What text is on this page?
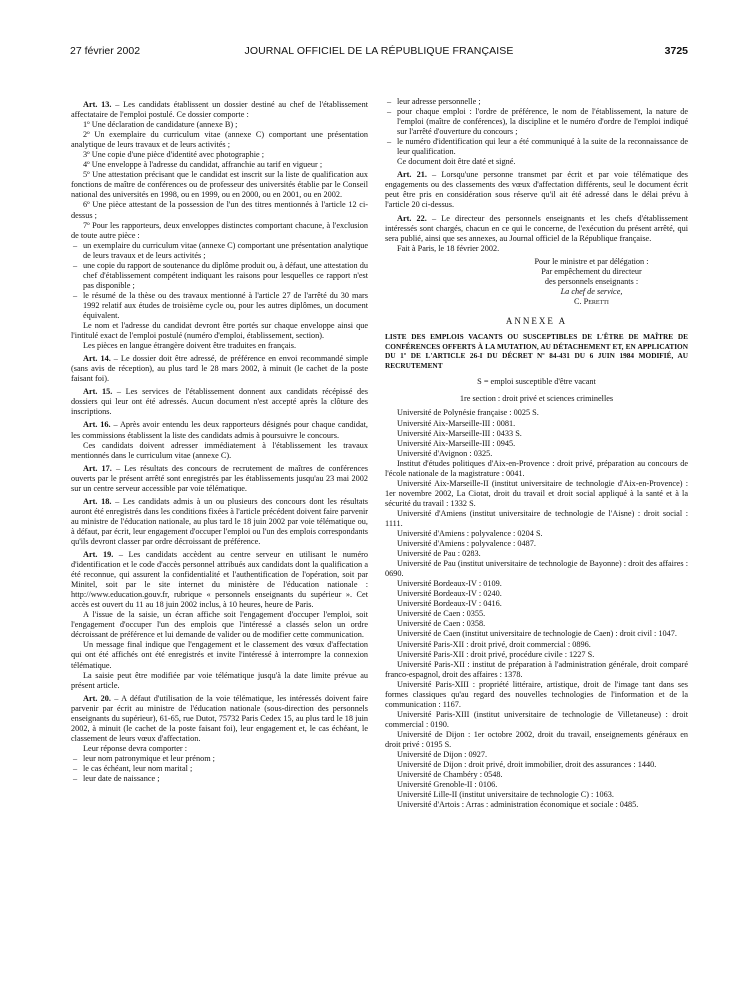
27 février 2002	JOURNAL OFFICIEL DE LA RÉPUBLIQUE FRANÇAISE	3725

Art. 13. – Les candidats établissent un dossier destiné au chef de l'établissement affectataire de l'emploi postulé. Ce dossier comporte :

1º Une déclaration de candidature (annexe B) ;

2º Un exemplaire du curriculum vitae (annexe C) comportant une présentation analytique de leurs travaux et de leurs activités ;

3º Une copie d'une pièce d'identité avec photographie ;

4º Une enveloppe à l'adresse du candidat, affranchie au tarif en vigueur ;

5º Une attestation précisant que le candidat est inscrit sur la liste de qualification aux fonctions de maître de conférences ou de professeur des universités établie par le Conseil national des universités en 1998, ou en 1999, ou en 2000, ou en 2001, ou en 2002.

6º Une pièce attestant de la possession de l'un des titres mentionnés à l'article 12 ci-dessus ;

7º Pour les rapporteurs, deux enveloppes distinctes comportant chacune, à l'exclusion de toute autre pièce :

– un exemplaire du curriculum vitae (annexe C) comportant une présentation analytique de leurs travaux et de leurs activités ;

– une copie du rapport de soutenance du diplôme produit ou, à défaut, une attestation du chef d'établissement compétent indiquant les raisons pour lesquelles ce rapport n'est pas disponible ;

– le résumé de la thèse ou des travaux mentionné à l'article 27 de l'arrêté du 30 mars 1992 relatif aux études de troisième cycle ou, pour les autres diplômes, un document équivalent.

Le nom et l'adresse du candidat devront être portés sur chaque enveloppe ainsi que l'intitulé exact de l'emploi postulé (numéro d'emploi, établissement, section).

Les pièces en langue étrangère doivent être traduites en français.

Art. 14. – Le dossier doit être adressé, de préférence en envoi recommandé simple (sans avis de réception), au plus tard le 28 mars 2002, à minuit (le cachet de la poste faisant foi).

Art. 15. – Les services de l'établissement donnent aux candidats récépissé des dossiers qui leur ont été adressés. Aucun document n'est accepté après la clôture des inscriptions.

Art. 16. – Après avoir entendu les deux rapporteurs désignés pour chaque candidat, les commissions établissent la liste des candidats admis à poursuivre le concours.

Ces candidats doivent adresser immédiatement à l'établissement les travaux mentionnés dans le curriculum vitae (annexe C).

Art. 17. – Les résultats des concours de recrutement de maîtres de conférences ouverts par le présent arrêté sont enregistrés par les établissements jusqu'au 23 mai 2002 sur un centre serveur accessible par voie télématique.

Art. 18. – Les candidats admis à un ou plusieurs des concours dont les résultats auront été enregistrés dans les conditions fixées à l'article précédent doivent faire parvenir au ministre de l'éducation nationale, au plus tard le 18 juin 2002 par voie télématique ou, à défaut, par écrit, leur engagement d'occuper l'emploi ou l'un des emplois correspondants qu'ils devront classer par ordre décroissant de préférence.

Art. 19. – Les candidats accèdent au centre serveur en utilisant le numéro d'identification et le code d'accès personnel attribués aux candidats dont la qualification a été reconnue, qui assurent la confidentialité et l'authentification de l'opération, soit par Minitel, soit par le site internet du ministère de l'éducation nationale : http://www.education.gouv.fr, rubrique « personnels enseignants du supérieur ». Cet accès est ouvert du 11 au 18 juin 2002 inclus, à 10 heures, heure de Paris.

A l'issue de la saisie, un écran affiche soit l'engagement d'occuper l'emploi, soit l'engagement d'occuper l'un des emplois que l'intéressé a classés selon un ordre décroissant de préférence et lui demande de valider ou de modifier cette communication.

Un message final indique que l'engagement et le classement des vœux d'affectation qui ont été affichés ont été enregistrés et invite l'intéressé à interrompre la connexion télématique.

La saisie peut être modifiée par voie télématique jusqu'à la date limite prévue au présent article.

Art. 20. – A défaut d'utilisation de la voie télématique, les intéressés doivent faire parvenir par écrit au ministre de l'éducation nationale (sous-direction des personnels enseignants du supérieur), 61-65, rue Dutot, 75732 Paris Cedex 15, au plus tard le 18 juin 2002, à minuit (le cachet de la poste faisant foi), leur engagement et, le cas échéant, le classement de leurs vœux d'affectation.

Leur réponse devra comporter :

– leur nom patronymique et leur prénom ;

– le cas échéant, leur nom marital ;

– leur date de naissance ;

– leur adresse personnelle ;

– pour chaque emploi : l'ordre de préférence, le nom de l'établissement, la nature de l'emploi (maître de conférences), la discipline et le numéro d'ordre de l'emploi indiqué sur l'arrêté d'ouverture du concours ;

– le numéro d'identification qui leur a été communiqué à la suite de la reconnaissance de leur qualification.

Ce document doit être daté et signé.

Art. 21. – Lorsqu'une personne transmet par écrit et par voie télématique des engagements ou des classements des vœux d'affectation différents, seul le document écrit peut être pris en considération sous réserve qu'il ait été adressé dans le délai prévu à l'article 20 ci-dessus.

Art. 22. – Le directeur des personnels enseignants et les chefs d'établissement intéressés sont chargés, chacun en ce qui le concerne, de l'exécution du présent arrêté, qui sera publié, ainsi que ses annexes, au Journal officiel de la République française.

Fait à Paris, le 18 février 2002.

Pour le ministre et par délégation :

Par empêchement du directeur

des personnels enseignants :

La chef de service,

C. Peretti

ANNEXE A

LISTE DES EMPLOIS VACANTS OU SUSCEPTIBLES DE L'ÊTRE DE MAÎTRE DE CONFÉRENCES OFFERTS À LA MUTATION, AU DÉTACHEMENT ET, EN APPLICATION DU 1º DE L'ARTICLE 26-I DU DÉCRET Nº 84-431 DU 6 JUIN 1984 MODIFIÉ, AU RECRUTEMENT

S = emploi susceptible d'être vacant

1re section : droit privé et sciences criminelles

Université de Polynésie française : 0025 S.

Université Aix-Marseille-III : 0081.

Université Aix-Marseille-III : 0433 S.

Université Aix-Marseille-III : 0945.

Université d'Avignon : 0325.

Institut d'études politiques d'Aix-en-Provence : droit privé, préparation au concours de l'école nationale de la magistrature : 0041.

Université Aix-Marseille-II (institut universitaire de technologie d'Aix-en-Provence) : 1er novembre 2002, La Ciotat, droit du travail et droit social appliqué à la santé et à la sécurité du travail : 1332 S.

Université d'Amiens (institut universitaire de technologie de l'Aisne) : droit social : 1111.

Université d'Amiens : polyvalence : 0204 S.

Université d'Amiens : polyvalence : 0487.

Université de Pau : 0283.

Université de Pau (institut universitaire de technologie de Bayonne) : droit des affaires : 0690.

Université Bordeaux-IV : 0109.

Université Bordeaux-IV : 0240.

Université Bordeaux-IV : 0416.

Université de Caen : 0355.

Université de Caen : 0358.

Université de Caen (institut universitaire de technologie de Caen) : droit civil : 1047.

Université Paris-XII : droit privé, droit commercial : 0896.

Université Paris-XII : droit privé, procédure civile : 1227 S.

Université Paris-XII : institut de préparation à l'administration générale, droit comparé franco-espagnol, droit des affaires : 1378.

Université Paris-XIII : propriété littéraire, artistique, droit de l'image tant dans ses formes classiques qu'au regard des nouvelles technologies de l'information et de la communication : 1167.

Université Paris-XIII (institut universitaire de technologie de Villetaneuse) : droit commercial : 0190.

Université de Dijon : 1er octobre 2002, droit du travail, enseignements généraux en droit privé : 0195 S.

Université de Dijon : 0927.

Université de Dijon : droit privé, droit immobilier, droit des assurances : 1440.

Université de Chambéry : 0548.

Université Grenoble-II : 0106.

Université Lille-II (institut universitaire de technologie C) : 1063.

Université d'Artois : Arras : administration économique et sociale : 0485.
